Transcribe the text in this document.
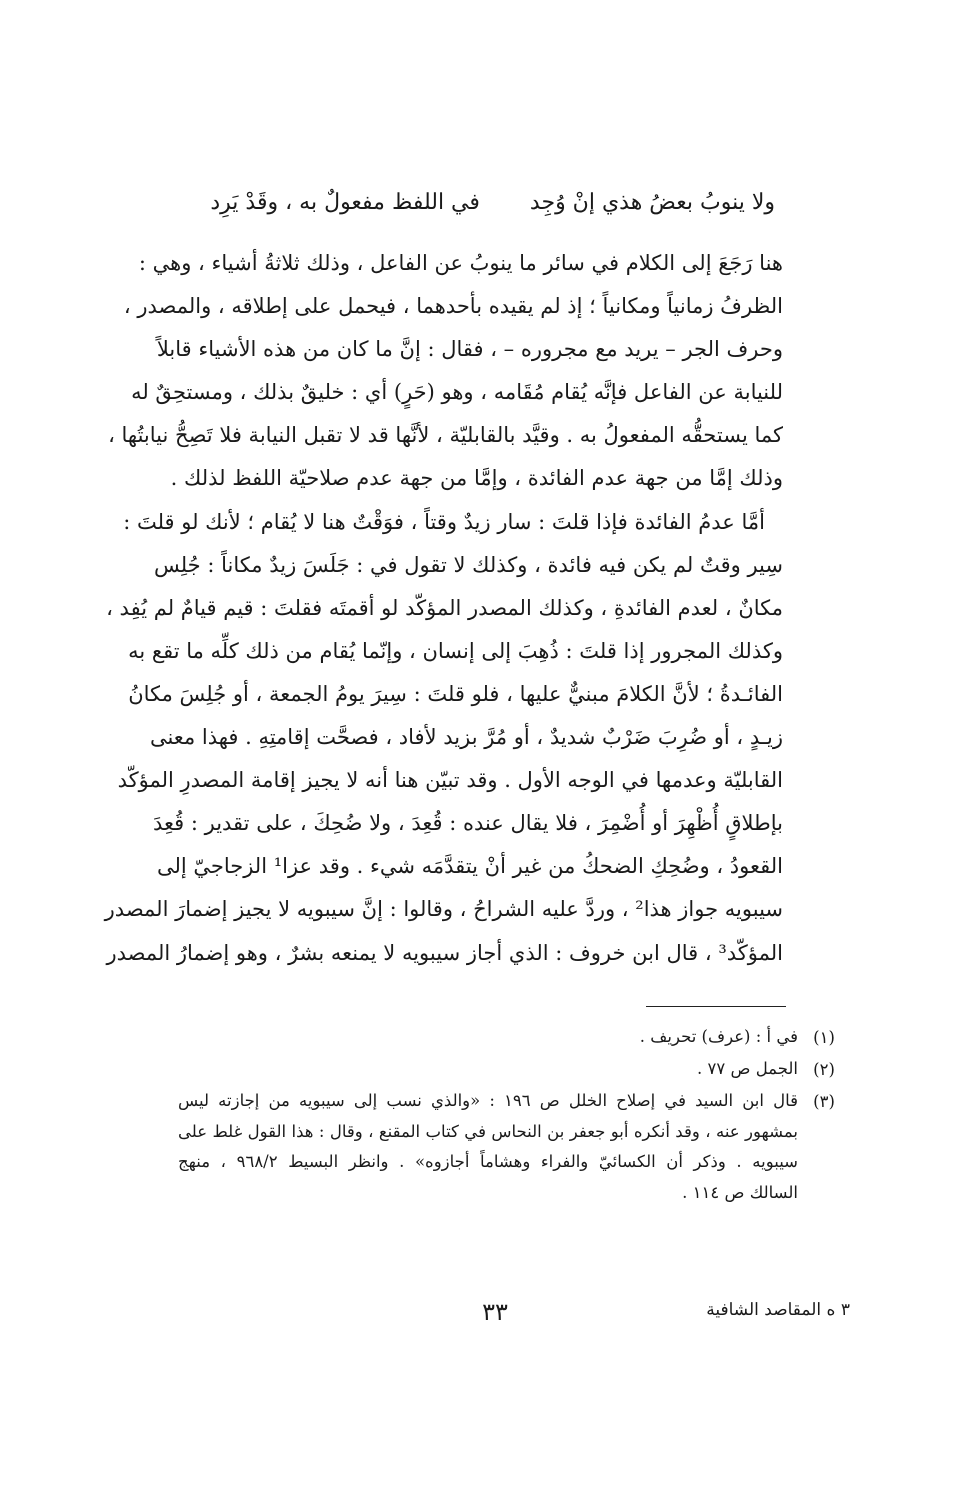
ولا ينوبُ بعضُ هذي إنْ وُجِد  في اللفظ مفعولٌ به ، وقَدْ يَرِد
هنا رَجَعَ إلى الكلام في سائر ما ينوبُ عن الفاعل ، وذلك ثلاثةُ أشياء ، وهي :
الظرفُ زمانياً ومكانياً ؛ إذ لم يقيده بأحدهما ، فيحمل على إطلاقه ، والمصدر ،
وحرف الجر – يريد مع مجروره – ، فقال : إنَّ ما كان من هذه الأشياء قابلاً
للنيابة عن الفاعل فإنَّه يُقام مُقَامه ، وهو (حَرٍ) أي : خليقٌ بذلك ، ومستحِقٌ له
كما يستحقُّه المفعولُ به . وقيَّد بالقابليّة ، لأنَّها قد لا تقبل النيابة فلا تَصِحُّ نيابتُها ،
وذلك إمَّا من جهة عدم الفائدة ، وإمَّا من جهة عدم صلاحيّة اللفظ لذلك .
أمَّا عدمُ الفائدة فإذا قلتَ : سار زيدٌ وقتاً ، فوَقْتٌ هنا لا يُقام ؛ لأنك لو قلتَ :
سِير وقتٌ لم يكن فيه فائدة ، وكذلك لا تقول في : جَلَسَ زيدٌ مكاناً : جُلِس
مكانٌ ، لعدم الفائدةِ ، وكذلك المصدر المؤكّد لو أقمتَه فقلتَ : قيم قيامٌ لم يُفِد ،
وكذلك المجرور إذا قلتَ : ذُهِبَ إلى إنسان ، وإنّما يُقام من ذلك كلِّه ما تقع به
الفائـدةُ ؛ لأنَّ الكلامَ مبنيٌّ عليها ، فلو قلتَ : سِيرَ يومُ الجمعة ، أو جُلِسَ مكانُ
زيـدٍ ، أو ضُرِبَ ضَرْبٌ شديدٌ ، أو مُرَّ بزيد لأفاد ، فصحَّت إقامتِهِ . فهذا معنى
القابليّة وعدمها في الوجه الأول . وقد تبيّن هنا أنه لا يجيز إقامة المصدرِ المؤكّد
بإطلاقٍ أُظْهِرَ أو أُضْمِرَ ، فلا يقال عنده : قُعِدَ ، ولا ضُحِكَ ، على تقدير : قُعِدَ
القعودُ ، وضُحِكِ الضحكُ من غير أنْ يتقدَّمَه شيء . وقد عزا¹ الزجاجيّ إلى
سيبويه جواز هذا² ، وردَّ عليه الشراحُ ، وقالوا : إنَّ سيبويه لا يجيز إضمارَ المصدر
المؤكّد³ ، قال ابن خروف : الذي أجاز سيبويه لا يمنعه بشرٌ ، وهو إضمارُ المصدر
(١)
في أ : (عرف) تحريف .
(٢)
الجمل ص ٧٧ .
(٣)
قال ابن السيد في إصلاح الخلل ص ١٩٦ : «والذي نسب إلى سيبويه من إجازته ليس
بمشهور عنه ، وقد أنكره أبو جعفر بن النحاس في كتاب المقنع ، وقال : هذا القول غلط على
سيبويه . وذكر أن الكسائيّ والفراء وهشاماً أجازوه» . وانظر البسيط ٩٦٨/٢ ، منهج
السالك ص ١١٤ .
٣٣	٣ ه المقاصد الشافية
